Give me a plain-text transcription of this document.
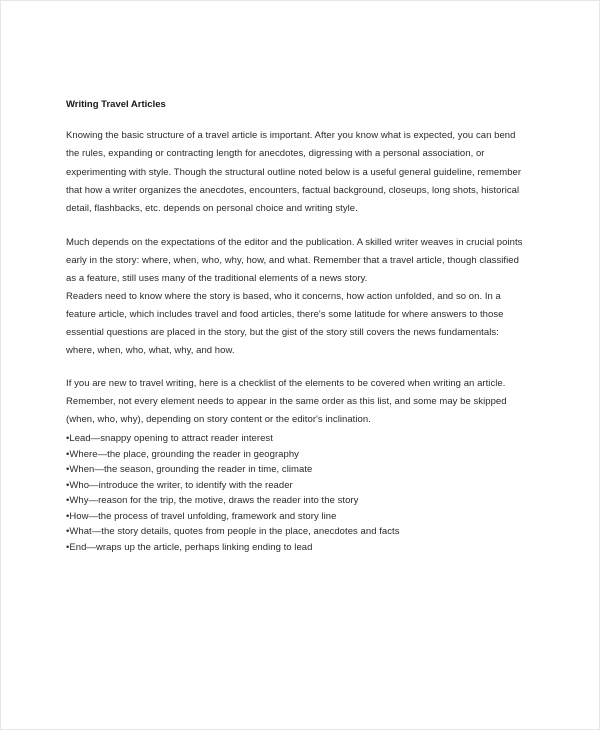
Writing Travel Articles
Knowing the basic structure of a travel article is important. After you know what is expected, you can bend
the rules, expanding or contracting length for anecdotes, digressing with a personal association, or
experimenting with style. Though the structural outline noted below is a useful general guideline, remember
that how a writer organizes the anecdotes, encounters, factual background, closeups, long shots, historical
detail, flashbacks, etc. depends on personal choice and writing style.
Much depends on the expectations of the editor and the publication. A skilled writer weaves in crucial points
early in the story: where, when, who, why, how, and what. Remember that a travel article, though classified
as a feature, still uses many of the traditional elements of a news story.
Readers need to know where the story is based, who it concerns, how action unfolded, and so on. In a
feature article, which includes travel and food articles, there's some latitude for where answers to those
essential questions are placed in the story, but the gist of the story still covers the news fundamentals:
where, when, who, what, why, and how.
If you are new to travel writing, here is a checklist of the elements to be covered when writing an article.
Remember, not every element needs to appear in the same order as this list, and some may be skipped
(when, who, why), depending on story content or the editor's inclination.
•Lead—snappy opening to attract reader interest
•Where—the place, grounding the reader in geography
•When—the season, grounding the reader in time, climate
•Who—introduce the writer, to identify with the reader
•Why—reason for the trip, the motive, draws the reader into the story
•How—the process of travel unfolding, framework and story line
•What—the story details, quotes from people in the place, anecdotes and facts
•End—wraps up the article, perhaps linking ending to lead
